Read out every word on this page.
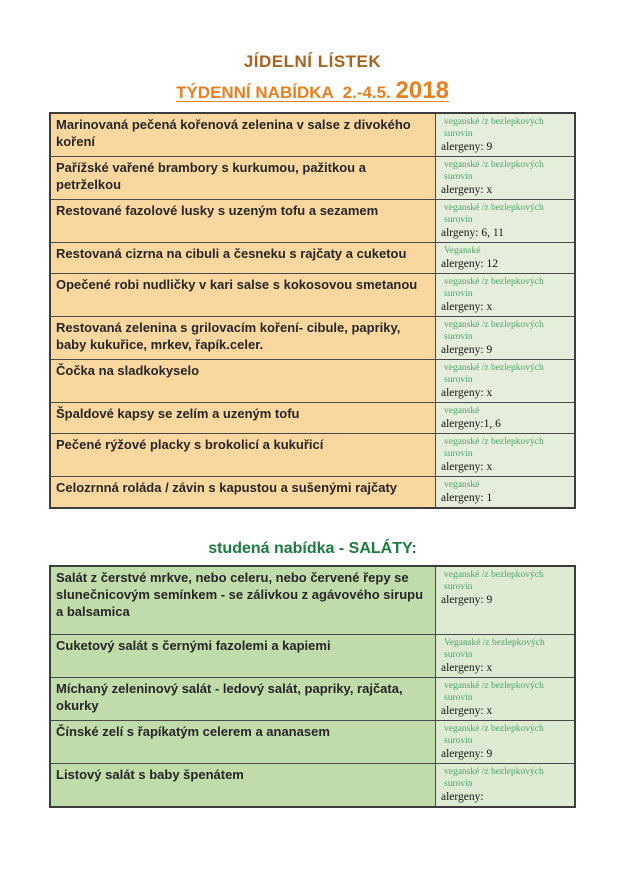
JÍDELNÍ LÍSTEK
TÝDENNÍ NABÍDKA  2.-4.5. 2018
Marinovaná pečená kořenová zelenina v salse z divokého koření	veganské /z bezlepkových surovin
alergeny: 9

Pařížské vařené brambory s kurkumou, pažitkou a petrželkou	veganské /z bezlepkových surovin
alergeny: x

Restované fazolové lusky s uzeným tofu a sezamem	veganské /z bezlepkových surovin
alrgeny: 6, 11

Restovaná cizrna na cibuli a česneku s rajčaty a cuketou	Veganské
alergeny: 12

Opečené robi nudličky v kari salse s kokosovou smetanou	veganské /z bezlepkových surovin
alergeny: x

Restovaná zelenina s grilovacím koření- cibule, papriky, baby kukuřice, mrkev, řapík.celer.	veganské /z bezlepkových surovin
alergeny: 9

Čočka na sladkokyselo	veganské /z bezlepkových surovin
alergeny: x

Špaldové kapsy se zelím a uzeným tofu	veganské
alergeny:1, 6

Pečené rýžové placky s brokolicí a kukuřicí	veganské /z bezlepkových surovin
alergeny: x

Celozrnná roláda / závin s kapustou a sušenými rajčaty	veganské
alergeny: 1
studená nabídka - SALÁTY:
Salát z čerstvé mrkve, nebo celeru, nebo červené řepy se slunečnicovým semínkem - se zálivkou z agávového sirupu a balsamica	veganské /z bezlepkových surovin
alergeny: 9

Cuketový salát s černými fazolemi a kapiemi	Veganské /z bezlepkových surovin
alergeny: x

Míchaný zeleninový salát - ledový salát, papriky, rajčata, okurky	veganské /z bezlepkových surovin
alergeny: x

Čínské zelí s řapíkatým celerem a ananasem	veganské /z bezlepkových surovin
alergeny: 9

Listový salát s baby špenátem	veganské /z bezlepkových surovin
alergeny:
